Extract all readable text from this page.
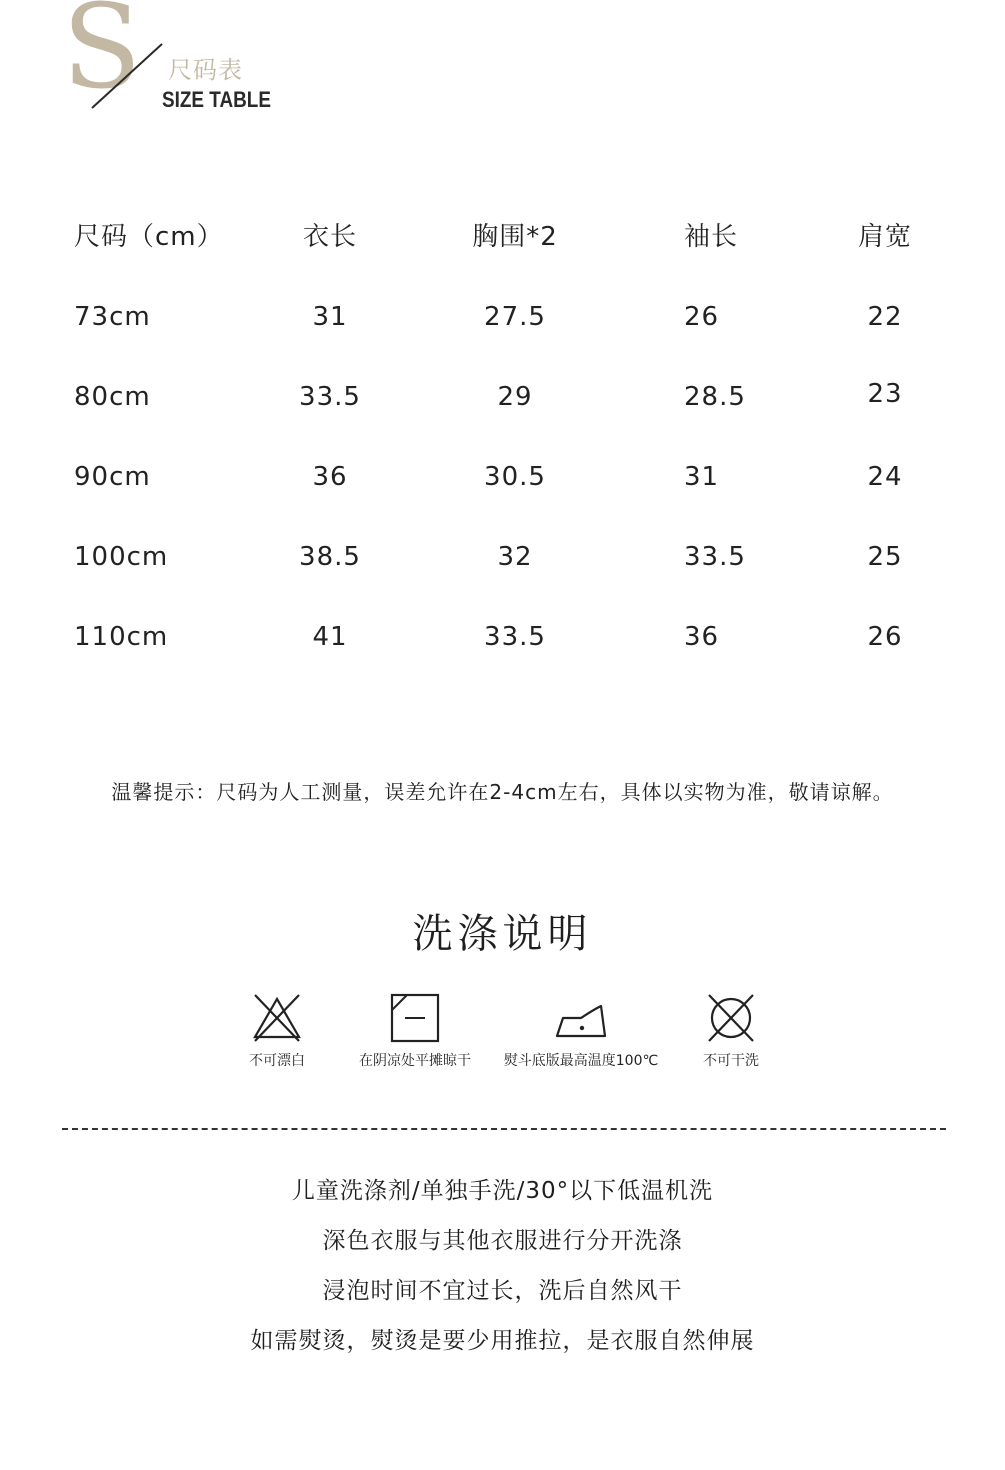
S 尺码表
SIZE TABLE
尺码（cm）	衣长	胸围*2	袖长	肩宽
73cm	31	27.5	26	22
80cm	33.5	29	28.5	23
90cm	36	30.5	31	24
100cm	38.5	32	33.5	25
110cm	41	33.5	36	26
温馨提示：尺码为人工测量，误差允许在2-4cm左右，具体以实物为准，敬请谅解。
洗涤说明
不可漂白	在阴凉处平摊晾干	熨斗底版最高温度100℃	不可干洗
儿童洗涤剂/单独手洗/30°以下低温机洗
深色衣服与其他衣服进行分开洗涤
浸泡时间不宜过长，洗后自然风干
如需熨烫，熨烫是要少用推拉，是衣服自然伸展
